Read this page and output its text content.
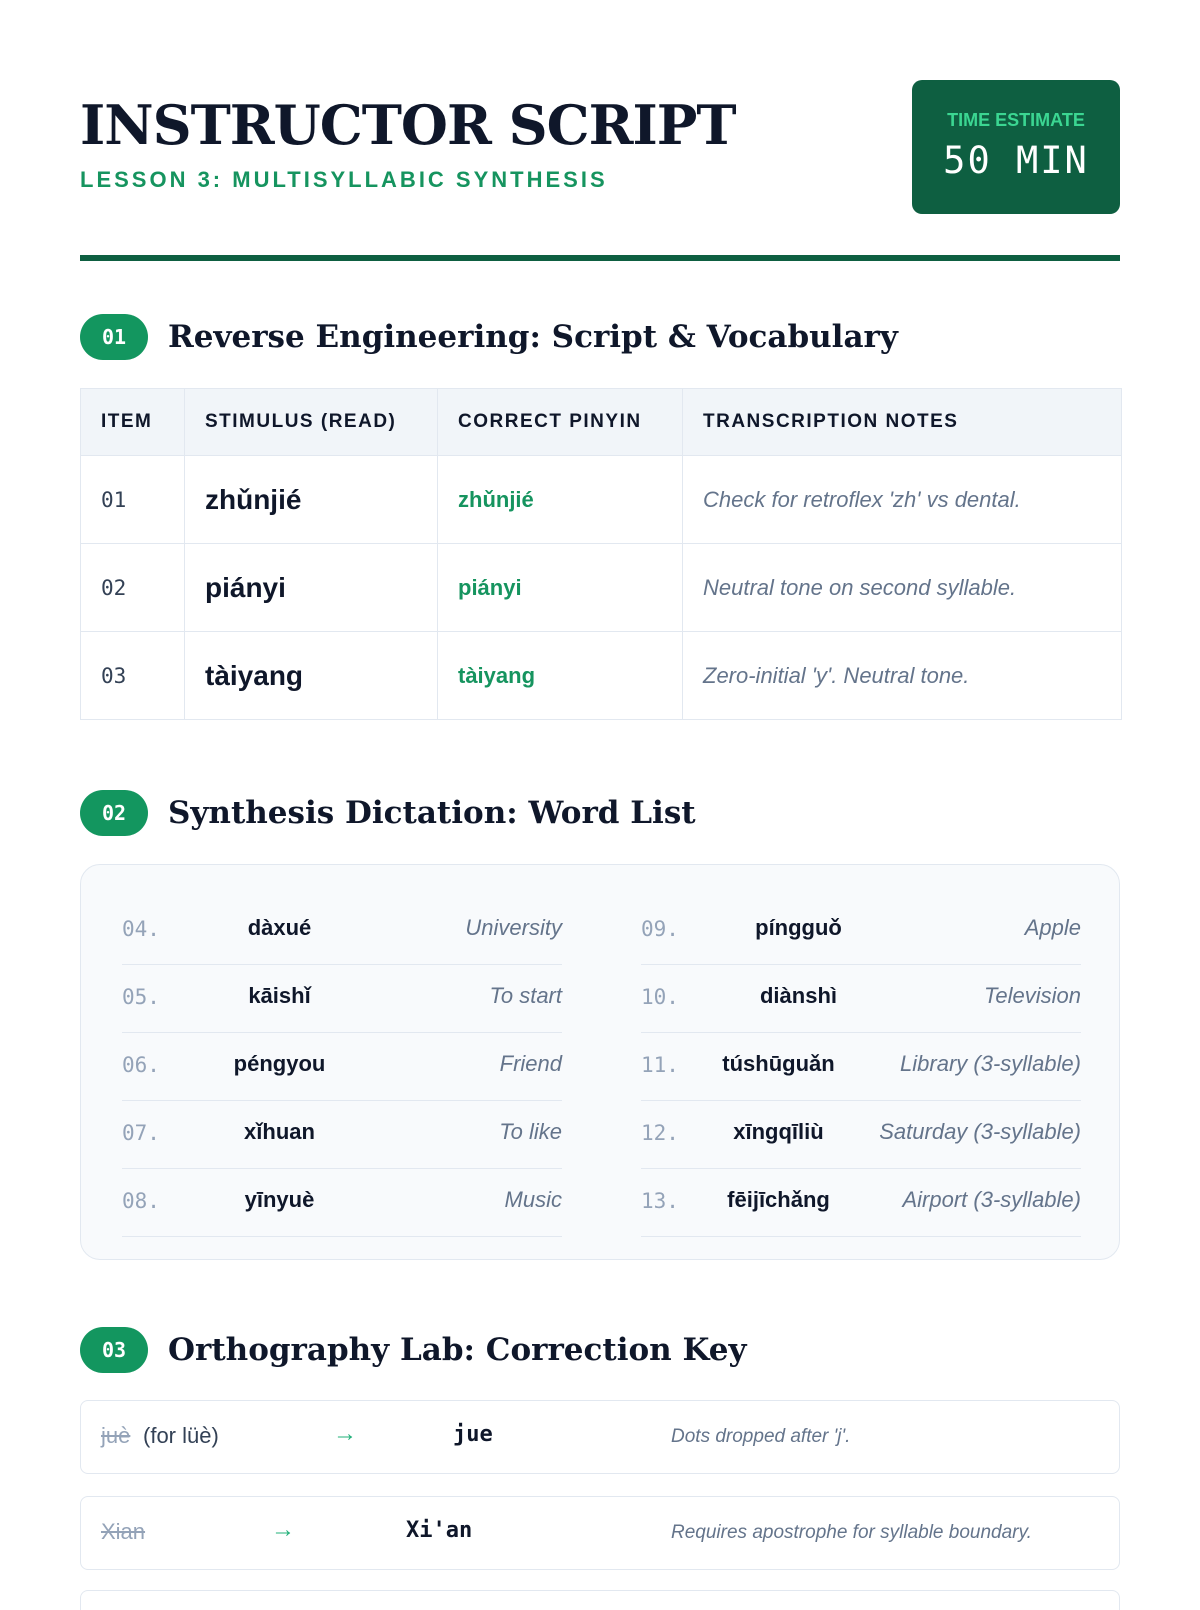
INSTRUCTOR SCRIPT
LESSON 3: MULTISYLLABIC SYNTHESIS
TIME ESTIMATE
50 MIN
01	Reverse Engineering: Script & Vocabulary
ITEM	STIMULUS (READ)	CORRECT PINYIN	TRANSCRIPTION NOTES
01	zhǔnjié	zhǔnjié	Check for retroflex 'zh' vs dental.
02	piányi	piányi	Neutral tone on second syllable.
03	tàiyang	tàiyang	Zero-initial 'y'. Neutral tone.
02	Synthesis Dictation: Word List
04.	dàxué	University
05.	kāishǐ	To start
06.	péngyou	Friend
07.	xǐhuan	To like
08.	yīnyuè	Music
09.	píngguǒ	Apple
10.	diànshì	Television
11.	túshūguǎn	Library (3-syllable)
12.	xīngqīliù	Saturday (3-syllable)
13.	fēijīchǎng	Airport (3-syllable)
03	Orthography Lab: Correction Key
juè (for lüè)	→	jue	Dots dropped after 'j'.
Xian	→	Xi'an	Requires apostrophe for syllable boundary.
